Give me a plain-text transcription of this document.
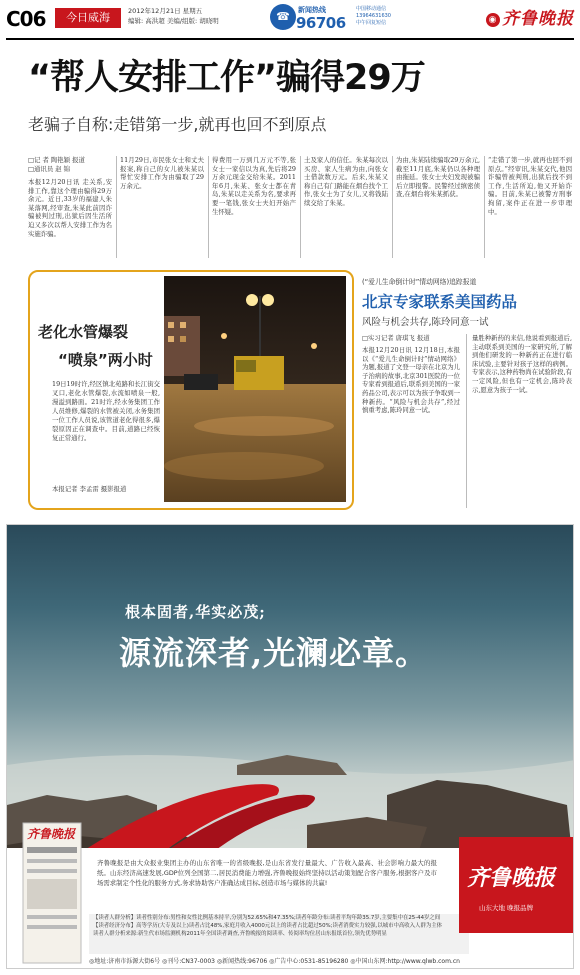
C06	今日威海	2012年12月21日 星期五
编辑: 高洪超 美编/组版: 胡晓明	☎	新闻热线
96706
中国移动通信
13964631630
中午回复短信	◉ 齐鲁晚报
“帮人安排工作”骗得29万
老骗子自称:走错第一步,就再也回不到原点
□记 者 陶艳颖 报道
□通讯员 赵 锦
本报12月20日讯 走关系,安排工作,靠这个理由骗得29万余元。近日,33岁的福建人朱某落网,经审查,朱某此前因诈骗被判过刑,出狱后因生活所迫又多次以帮人安排工作为名实施诈骗。
11月29日,市民张女士和丈夫报案,称自己的女儿被朱某以帮忙安排工作为由骗取了29万余元。
得费用一万到几万元不等,张女士一家信以为真,先后将29万余元现金交给朱某。2011年6月,朱某、张女士都在青岛,朱某以走关系为名,要求再要一笔钱,张女士夫妇开始产生怀疑。
土及家人的信任。朱某每次以买房、家人生病为由,向张女士借款数万元。后来,朱某又称自己有门路能在烟台找个工作,张女士为了女儿,又将钱陆续交给了朱某。
为由,朱某陆续骗取29万余元,截至11月底,朱某仍以各种理由拖延。张女士夫妇发现被骗后立即报警。民警经过缜密侦查,在烟台将朱某抓获。
“走错了第一步,就再也回不到原点。”经审讯,朱某交代,他因诈骗曾被判刑,出狱后找不到工作,生活所迫,他又开始诈骗。目前,朱某已被警方刑事拘留,案件正在进一步审理中。
老化水管爆裂
“喷泉”两小时
19日19时许,经区镇北苑路和长江街交叉口,老化水管爆裂,水流如喷泉一般,漫溢到路面。21时许,经水务集团工作人员维修,爆裂的水管被关闭,水务集团一位工作人员说,该管道老化得很多,爆裂原因正在调查中。目前,道路已经恢复正常通行。
本报记者 李孟雷 摄影报道
(“爱儿生命倒计时”情动网络)追踪报道
北京专家联系美国药品
风险与机会共存,陈玲同意一试
□实习记者 唐琪飞 报道
本报12月20日讯 12月18日,本报以《“爱儿生命倒计时”情动网络》为题,报道了文登一母亲在北京为儿子治病的故事,北京301医院的一位专家看到报道后,联系到美国的一家药品公司,表示可以为孩子争取到一种新药。“风险与机会共存”,经过慎重考虑,陈玲同意一试。
量胜种新药的来信,他说看到报道后,主动联系到美国的一家研究所,了解到他们研发的一种新药正在进行临床试验,主要针对孩子这样的病例。专家表示,这种药物尚在试验阶段,有一定风险,但也有一定机会,陈玲表示,愿意为孩子一试。
根本固者,华实必茂;
源流深者,光澜必章。
齐鲁晚报是由大众报业集团主办的山东省唯一的省级晚报,是山东省发行量最大、广告收入最高、社会影响力最大的报纸。山东经济高速发展,GDP位列全国第二,居民消费能力增强,齐鲁晚报始终坚持以活动策划配合客户服务,根据客户及市场需求制定个性化的服务方式,务求协助客户准确达成目标,创造市场与媒体的共赢!
【读者人群分析】读者性别分布:男性和女性比例基本持平,分别为52.65%和47.35%;读者年龄分布:读者平均年龄35.7岁,主要集中在25-44岁之间
【读者经济分布】高等学历(大专及以上)读者占比48%,家庭月收入4000元以上的读者占比超过50%;读者消费实力较强,以城市中高收入人群为主体
读者人群分析来源:新生代市场监测机构2011年全国读者调查,齐鲁晚报的阅读率、传阅率均位居山东报纸首位,领先优势明显
◎地址:济南市泺源大街6号 ◎刊号:CN37-0003 ◎新闻热线:96706 ◎广告中心:0531-85196280 ◎中国山东网:http://www.qlwb.com.cn
齐鲁晚报
齐鲁晚报
山东大地 晚报品牌
